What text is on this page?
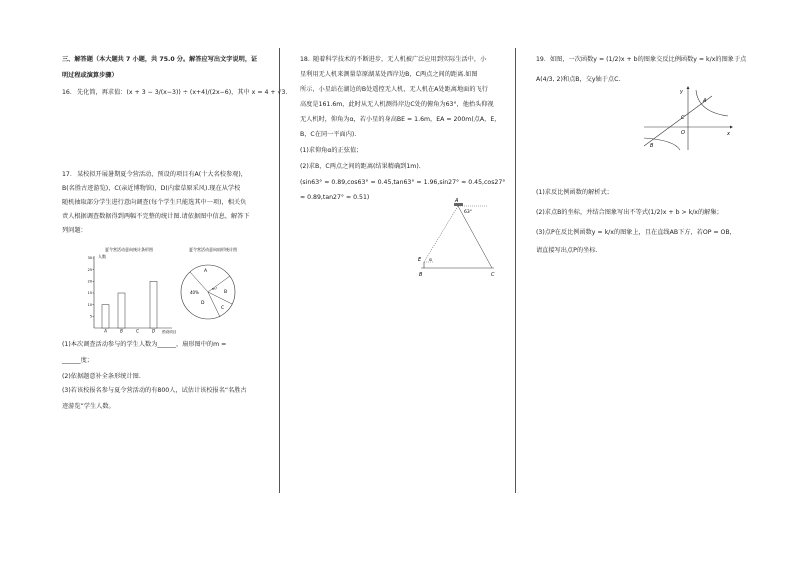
三、解答题（本大题共 7 小题，共 75.0 分。解答应写出文字说明，证
明过程或演算步骤）
16. 先化简，再求值：(x + 3 − 3/(x−3)) ÷ (x+4)/(2x−6)，其中 x = 4 + √3.
17. 某校拟开展暑期夏令营活动，预设的项目有A(十大名校参观)，
B(名胜古迹游览)，C(亲近博物馆)，D(内蒙草原采风).现在从学校
随机抽取部分学生进行意向调查(每个学生只能选其中一项)，相关负
责人根据调查数据得到两幅不完整的统计图.请依据图中信息，解答下
列问题：
夏令营活动意向统计条形图
人数
5
10
15
20
25
30
A	B	C	D 预设项目
夏令营活动意向扇形统计图
A
B
C
D
40%
m°
(1)本次调查活动参与的学生人数为______，扇形图中的m =
______度；
(2)依据题意补全条形统计图.
(3)若该校报名参与夏令营活动的有800人，试估计该校报名“名胜古
迹游览”学生人数。
18. 随着科学技术的不断进步，无人机被广泛应用到实际生活中，小
星利用无人机来测量草原湖某处西岸边B，C两点之间的距离.如图
所示，小星站在湖边的B处遥控无人机，无人机在A处距离地面的飞行
高度是161.6m，此时从无人机测得岸边C处的俯角为63°，他抬头仰视
无人机时，仰角为α，若小星的身高BE = 1.6m，EA = 200m(点A，E，
B，C在同一平面内).
(1)求仰角α的正弦值；
(2)求B，C两点之间的距离(结果精确到1m).
(sin63° ≈ 0.89,cos63° ≈ 0.45,tan63° ≈ 1.96,sin27° ≈ 0.45,cos27°
≈ 0.89,tan27° ≈ 0.51)	A
63°
E α
B	C
19. 如图，一次函数y = (1/2)x + b的图象交反比例函数y = k/x的图象于点
A(4/3, 2)和点B，交y轴于点C.
y
x
O
A
C
B
(1)求反比例函数的解析式；
(2)求点B的坐标，并结合图象写出不等式(1/2)x + b > k/x的解集；
(3)点P在反比例函数y = k/x的图象上，且在直线AB下方，若OP = OB，
请直接写出点P的坐标.
